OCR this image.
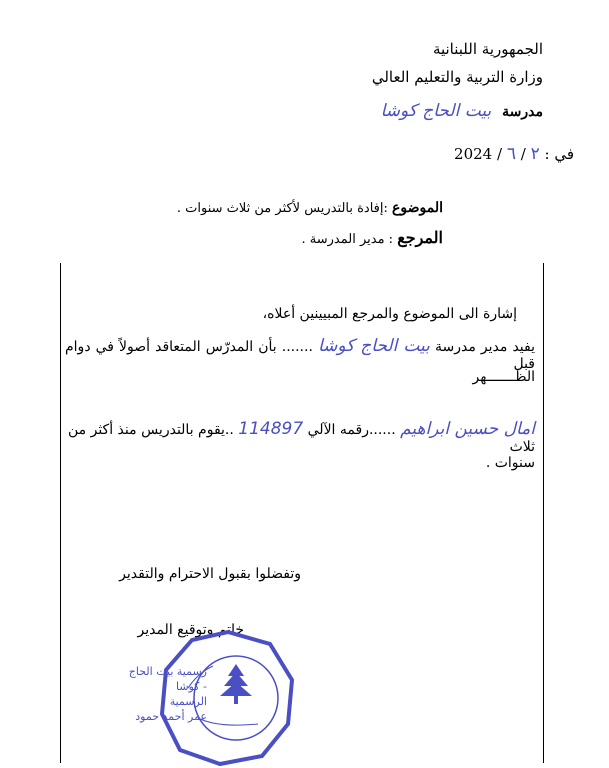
الجمهورية اللبنانية
وزارة التربية والتعليم العالي
مدرسة بيت الحاج كوشا
في : ٢ / ٦ / 2024
الموضوع :إفادة بالتدريس لأكثر من ثلاث سنوات .
المرجع : مدير المدرسة .
إشارة الى الموضوع والمرجع المبيينين أعلاه،
يفيد مدير مدرسة بيت الحاج كوشا ....... بأن المدرّس المتعاقد أصولاً في دوام قبل
الظـــــــهر
امال حسين ابراهيم ......رقمه الآلي 114897 ..يقوم بالتدريس منذ أكثر من ثلاث
سنوات .
وتفضلوا بقبول الاحترام والتقدير
خاتم وتوقيع المدير
رسمية بيت الحاج - كوشا
الرسمية
عمر أحمد حمود
